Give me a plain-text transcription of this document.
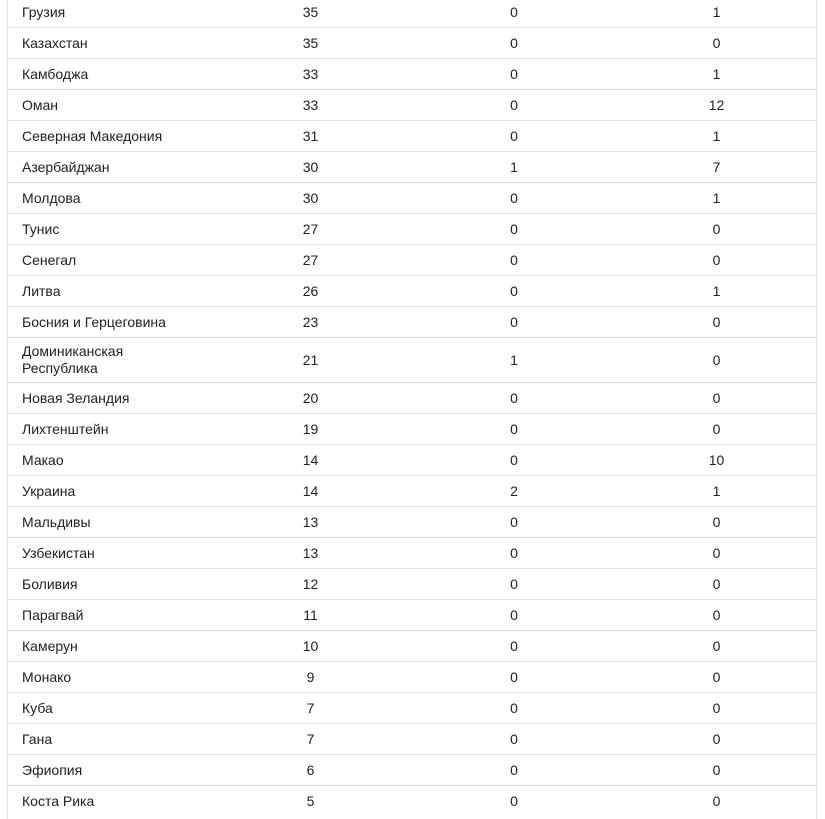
Грузия	35	0	1
Казахстан	35	0	0
Камбоджа	33	0	1
Оман	33	0	12
Северная Македония	31	0	1
Азербайджан	30	1	7
Молдова	30	0	1
Тунис	27	0	0
Сенегал	27	0	0
Литва	26	0	1
Босния и Герцеговина	23	0	0
Доминиканская Республика	21	1	0
Новая Зеландия	20	0	0
Лихтенштейн	19	0	0
Макао	14	0	10
Украина	14	2	1
Мальдивы	13	0	0
Узбекистан	13	0	0
Боливия	12	0	0
Парагвай	11	0	0
Камерун	10	0	0
Монако	9	0	0
Куба	7	0	0
Гана	7	0	0
Эфиопия	6	0	0
Коста Рика	5	0	0
